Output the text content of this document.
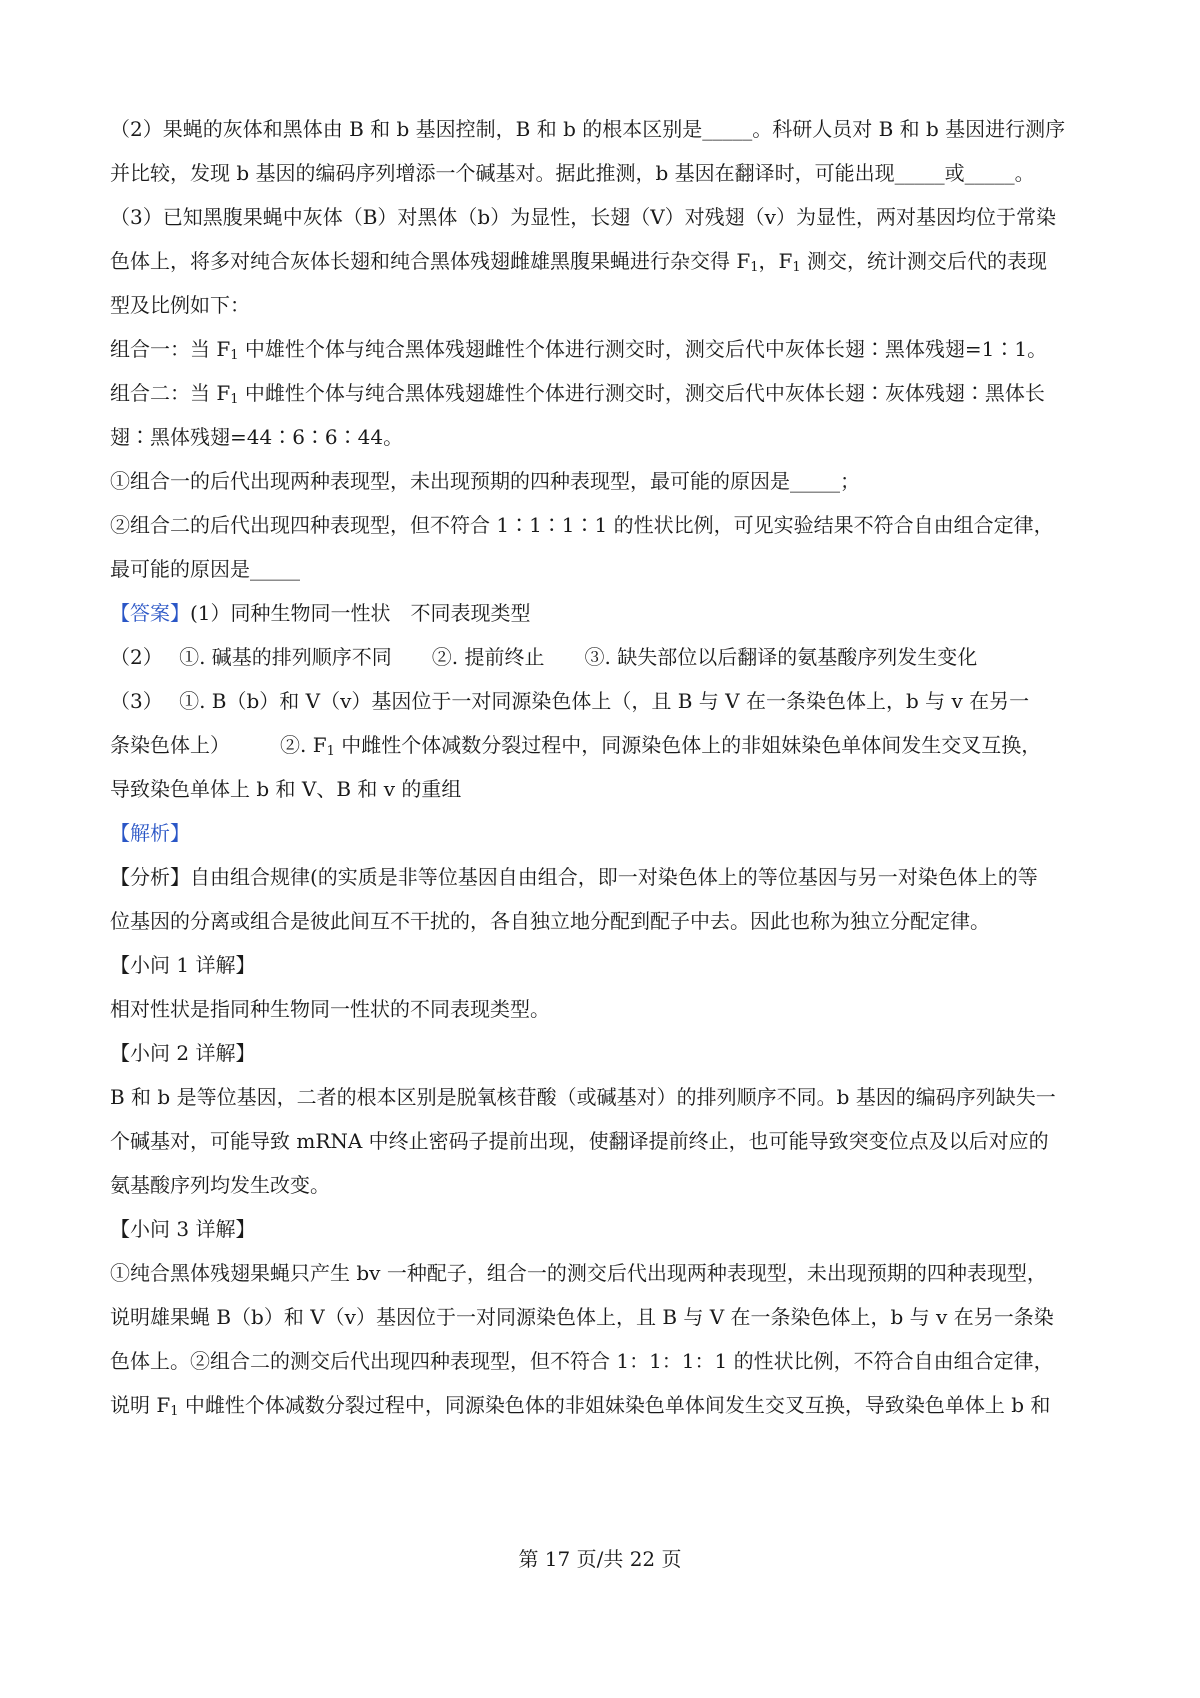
（2）果蝇的灰体和黑体由 B 和 b 基因控制，B 和 b 的根本区别是_____。科研人员对 B 和 b 基因进行测序
并比较，发现 b 基因的编码序列增添一个碱基对。据此推测，b 基因在翻译时，可能出现_____或_____。
（3）已知黑腹果蝇中灰体（B）对黑体（b）为显性，长翅（V）对残翅（v）为显性，两对基因均位于常染
色体上，将多对纯合灰体长翅和纯合黑体残翅雌雄黑腹果蝇进行杂交得 $F_1$，$F_1$ 测交，统计测交后代的表现
型及比例如下：
组合一：当 $F_1$ 中雄性个体与纯合黑体残翅雌性个体进行测交时，测交后代中灰体长翅∶黑体残翅=1∶1。
组合二：当 $F_1$ 中雌性个体与纯合黑体残翅雄性个体进行测交时，测交后代中灰体长翅∶灰体残翅∶黑体长
翅∶黑体残翅=44∶6∶6∶44。
①组合一的后代出现两种表现型，未出现预期的四种表现型，最可能的原因是_____；
②组合二的后代出现四种表现型，但不符合 1∶1∶1∶1 的性状比例，可见实验结果不符合自由组合定律，
最可能的原因是_____
【答案】(1）同种生物同一性状　不同表现类型
（2）　 ①. 碱基的排列顺序不同　　②. 提前终止　　③. 缺失部位以后翻译的氨基酸序列发生变化
（3）　 ①. B（b）和 V（v）基因位于一对同源染色体上（，且 B 与 V 在一条染色体上，b 与 v 在另一
条染色体上）　　　②. $F_1$ 中雌性个体减数分裂过程中，同源染色体上的非姐妹染色单体间发生交叉互换，
导致染色单体上 b 和 V、B 和 v 的重组
【解析】
【分析】自由组合规律(的实质是非等位基因自由组合，即一对染色体上的等位基因与另一对染色体上的等
位基因的分离或组合是彼此间互不干扰的，各自独立地分配到配子中去。因此也称为独立分配定律。
【小问 1 详解】
相对性状是指同种生物同一性状的不同表现类型。
【小问 2 详解】
B 和 b 是等位基因，二者的根本区别是脱氧核苷酸（或碱基对）的排列顺序不同。b 基因的编码序列缺失一
个碱基对，可能导致 mRNA 中终止密码子提前出现，使翻译提前终止，也可能导致突变位点及以后对应的
氨基酸序列均发生改变。
【小问 3 详解】
①纯合黑体残翅果蝇只产生 bv 一种配子，组合一的测交后代出现两种表现型，未出现预期的四种表现型，
说明雄果蝇 B（b）和 V（v）基因位于一对同源染色体上，且 B 与 V 在一条染色体上，b 与 v 在另一条染
色体上。②组合二的测交后代出现四种表现型，但不符合 1：1：1：1 的性状比例，不符合自由组合定律，
说明 $F_1$ 中雌性个体减数分裂过程中，同源染色体的非姐妹染色单体间发生交叉互换，导致染色单体上 b 和
第 17 页/共 22 页
